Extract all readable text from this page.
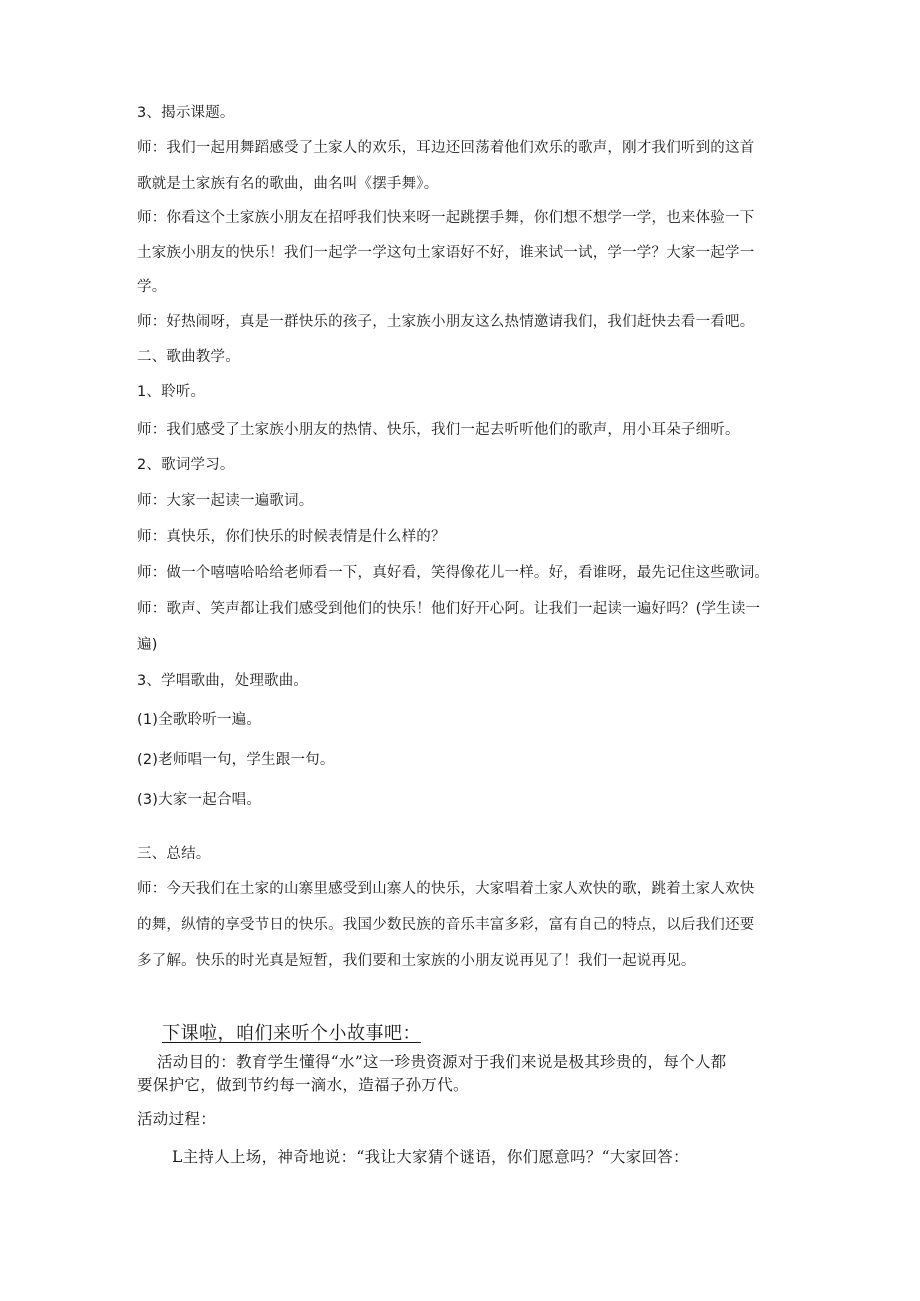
3、揭示课题。
师：我们一起用舞蹈感受了土家人的欢乐，耳边还回荡着他们欢乐的歌声，刚才我们听到的这首
歌就是土家族有名的歌曲，曲名叫《摆手舞》。
师：你看这个土家族小朋友在招呼我们快来呀一起跳摆手舞，你们想不想学一学，也来体验一下
土家族小朋友的快乐！我们一起学一学这句土家语好不好，谁来试一试，学一学？大家一起学一
学。
师：好热闹呀，真是一群快乐的孩子，土家族小朋友这么热情邀请我们，我们赶快去看一看吧。
二、歌曲教学。
1、聆听。
师：我们感受了土家族小朋友的热情、快乐，我们一起去听听他们的歌声，用小耳朵子细听。
2、歌词学习。
师：大家一起读一遍歌词。
师：真快乐，你们快乐的时候表情是什么样的？
师：做一个嘻嘻哈哈给老师看一下，真好看，笑得像花儿一样。好，看谁呀，最先记住这些歌词。
师：歌声、笑声都让我们感受到他们的快乐！他们好开心阿。让我们一起读一遍好吗？(学生读一
遍)
3、学唱歌曲，处理歌曲。
(1)全歌聆听一遍。
(2)老师唱一句，学生跟一句。
(3)大家一起合唱。
三、总结。
师：今天我们在土家的山寨里感受到山寨人的快乐，大家唱着土家人欢快的歌，跳着土家人欢快
的舞，纵情的享受节日的快乐。我国少数民族的音乐丰富多彩，富有自己的特点，以后我们还要
多了解。快乐的时光真是短暂，我们要和土家族的小朋友说再见了！我们一起说再见。
下课啦，咱们来听个小故事吧：
活动目的：教育学生懂得“水”这一珍贵资源对于我们来说是极其珍贵的，每个人都
要保护它，做到节约每一滴水，造福子孙万代。
活动过程：
L主持人上场，神奇地说：“我让大家猜个谜语，你们愿意吗？“大家回答：
